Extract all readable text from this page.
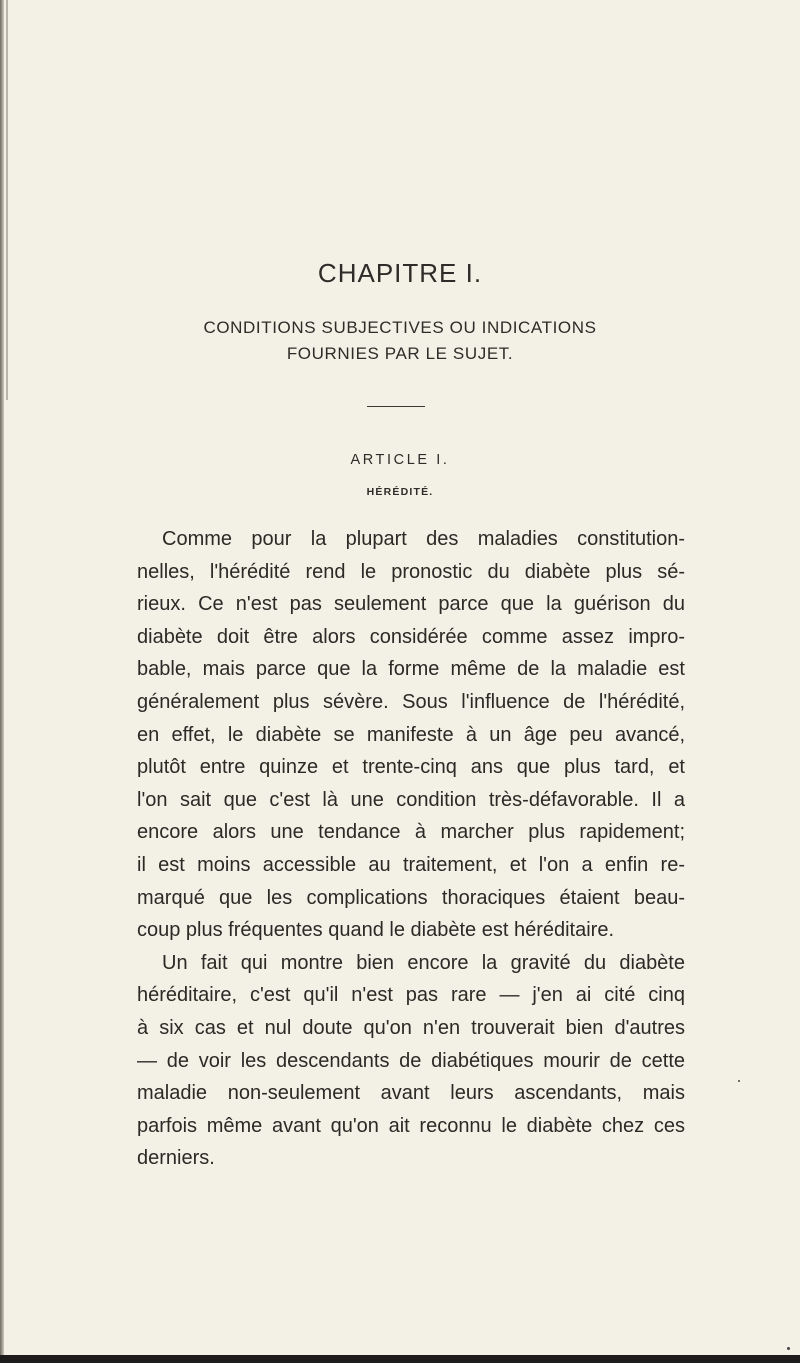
CHAPITRE I.
CONDITIONS SUBJECTIVES OU INDICATIONS
FOURNIES PAR LE SUJET.
ARTICLE I.
HÉRÉDITÉ.
Comme pour la plupart des maladies constitution-
nelles, l'hérédité rend le pronostic du diabète plus sé-
rieux. Ce n'est pas seulement parce que la guérison du
diabète doit être alors considérée comme assez impro-
bable, mais parce que la forme même de la maladie est
généralement plus sévère. Sous l'influence de l'hérédité,
en effet, le diabète se manifeste à un âge peu avancé,
plutôt entre quinze et trente-cinq ans que plus tard, et
l'on sait que c'est là une condition très-défavorable. Il a
encore alors une tendance à marcher plus rapidement;
il est moins accessible au traitement, et l'on a enfin re-
marqué que les complications thoraciques étaient beau-
coup plus fréquentes quand le diabète est héréditaire.
Un fait qui montre bien encore la gravité du diabète
héréditaire, c'est qu'il n'est pas rare — j'en ai cité cinq
à six cas et nul doute qu'on n'en trouverait bien d'autres
— de voir les descendants de diabétiques mourir de cette
maladie non-seulement avant leurs ascendants, mais
parfois même avant qu'on ait reconnu le diabète chez ces
derniers.
